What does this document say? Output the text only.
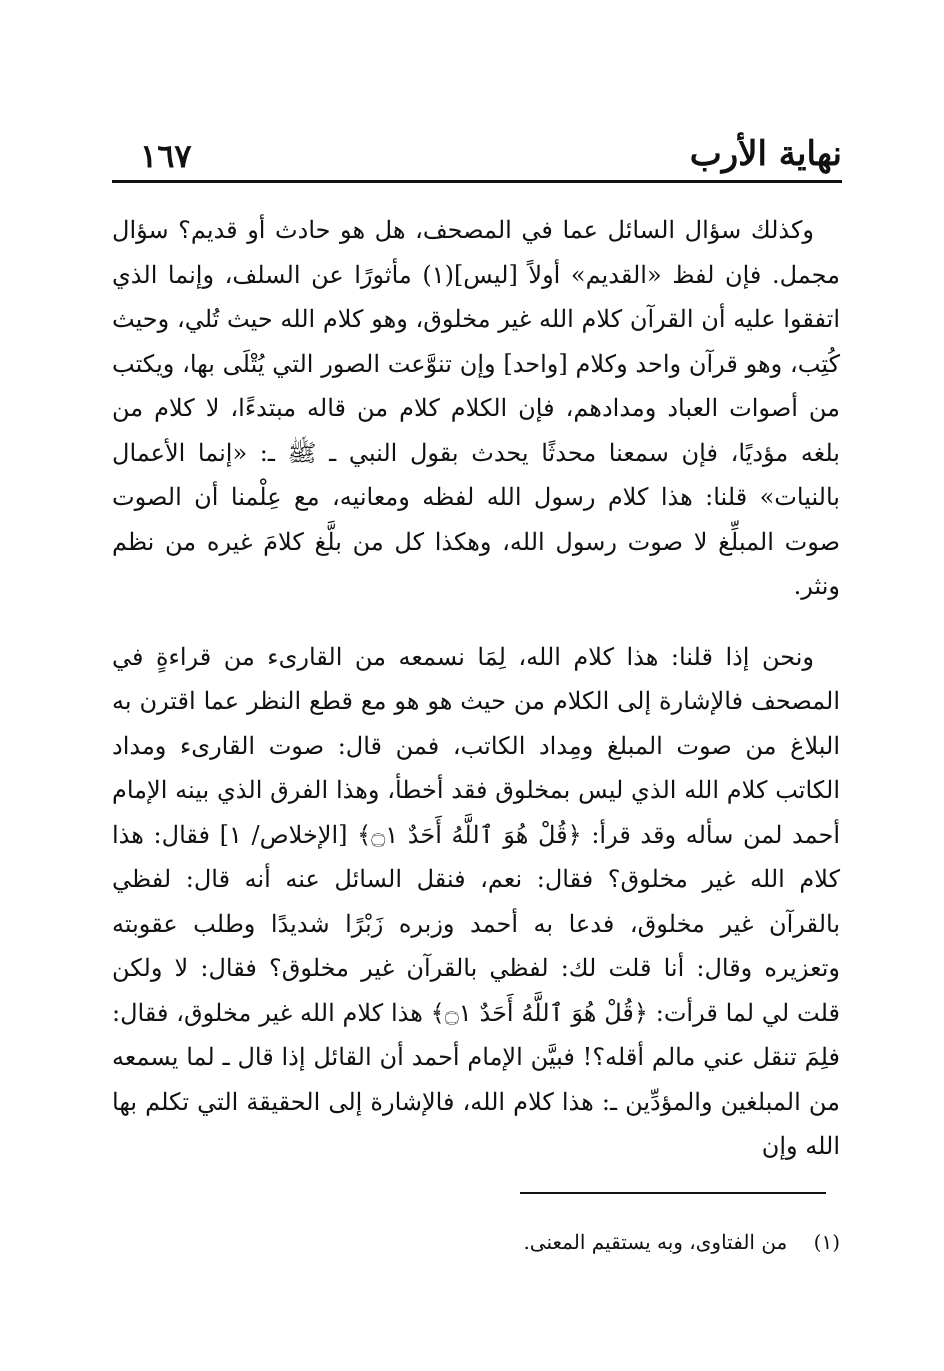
نهاية الأرب
١٦٧

وكذلك سؤال السائل عما في المصحف، هل هو حادث أو قديم؟ سؤال مجمل. فإن لفظ «القديم» أولاً [ليس](١) مأثورًا عن السلف، وإنما الذي اتفقوا عليه أن القرآن كلام الله غير مخلوق، وهو كلام الله حيث تُلي، وحيث كُتِب، وهو قرآن واحد وكلام [واحد] وإن تنوَّعت الصور التي يُتْلَى بها، ويكتب من أصوات العباد ومدادهم، فإن الكلام كلام من قاله مبتدءًا، لا كلام من بلغه مؤديًا، فإن سمعنا محدثًا يحدث بقول النبي ـ ﷺ ـ: «إنما الأعمال بالنيات» قلنا: هذا كلام رسول الله لفظه ومعانيه، مع عِلْمنا أن الصوت صوت المبلِّغ لا صوت رسول الله، وهكذا كل من بلَّغ كلامَ غيره من نظم ونثر.

ونحن إذا قلنا: هذا كلام الله، لِمَا نسمعه من القارىء من قراءةٍ في المصحف فالإشارة إلى الكلام من حيث هو هو مع قطع النظر عما اقترن به البلاغ من صوت المبلغ ومِداد الكاتب، فمن قال: صوت القارىء ومداد الكاتب كلام الله الذي ليس بمخلوق فقد أخطأ، وهذا الفرق الذي بينه الإمام أحمد لمن سأله وقد قرأ: ﴿قُلْ هُوَ ٱللَّهُ أَحَدٌ ۝١﴾ [الإخلاص/ ١] فقال: هذا كلام الله غير مخلوق؟ فقال: نعم، فنقل السائل عنه أنه قال: لفظي بالقرآن غير مخلوق، فدعا به أحمد وزبره زَبْرًا شديدًا وطلب عقوبته وتعزيره وقال: أنا قلت لك: لفظي بالقرآن غير مخلوق؟ فقال: لا ولكن قلت لي لما قرأت: ﴿قُلْ هُوَ ٱللَّهُ أَحَدٌ ۝١﴾ هذا كلام الله غير مخلوق، فقال: فلِمَ تنقل عني مالم أقله؟! فبيَّن الإمام أحمد أن القائل إذا قال ـ لما يسمعه من المبلغين والمؤدِّين ـ: هذا كلام الله، فالإشارة إلى الحقيقة التي تكلم بها الله وإن

(١) من الفتاوى، وبه يستقيم المعنى.
